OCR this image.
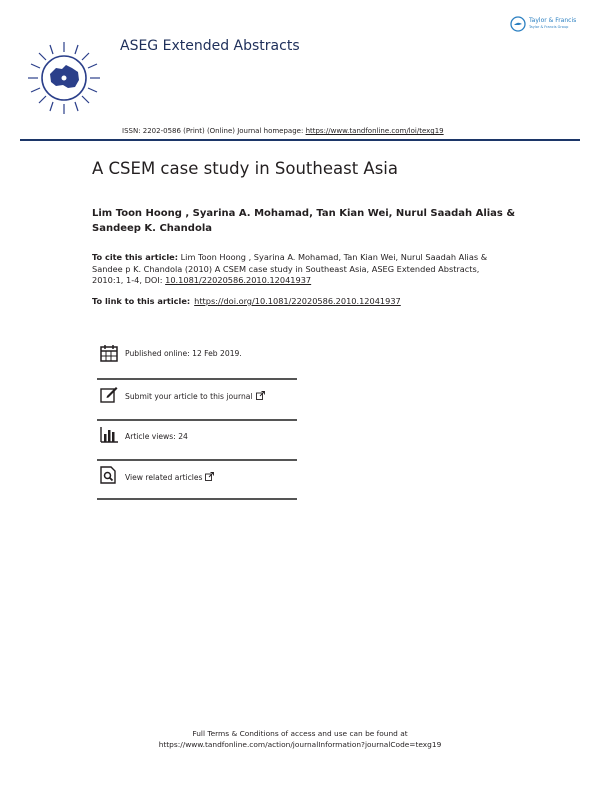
ASEG Extended Abstracts
Taylor & Francis
Taylor & Francis Group
ISSN: 2202-0586 (Print) (Online) Journal homepage: https://www.tandfonline.com/loi/texg19
A CSEM case study in Southeast Asia
Lim Toon Hoong , Syarina A. Mohamad, Tan Kian Wei, Nurul Saadah Alias &
Sandeep K. Chandola
To cite this article: Lim Toon Hoong , Syarina A. Mohamad, Tan Kian Wei, Nurul Saadah Alias & Sandee p K. Chandola (2010) A CSEM case study in Southeast Asia, ASEG Extended Abstracts, 2010:1, 1-4, DOI: 10.1081/22020586.2010.12041937
To link to this article: https://doi.org/10.1081/22020586.2010.12041937
Published online: 12 Feb 2019.
Submit your article to this journal
Article views: 24
View related articles
Full Terms & Conditions of access and use can be found at
https://www.tandfonline.com/action/journalInformation?journalCode=texg19
